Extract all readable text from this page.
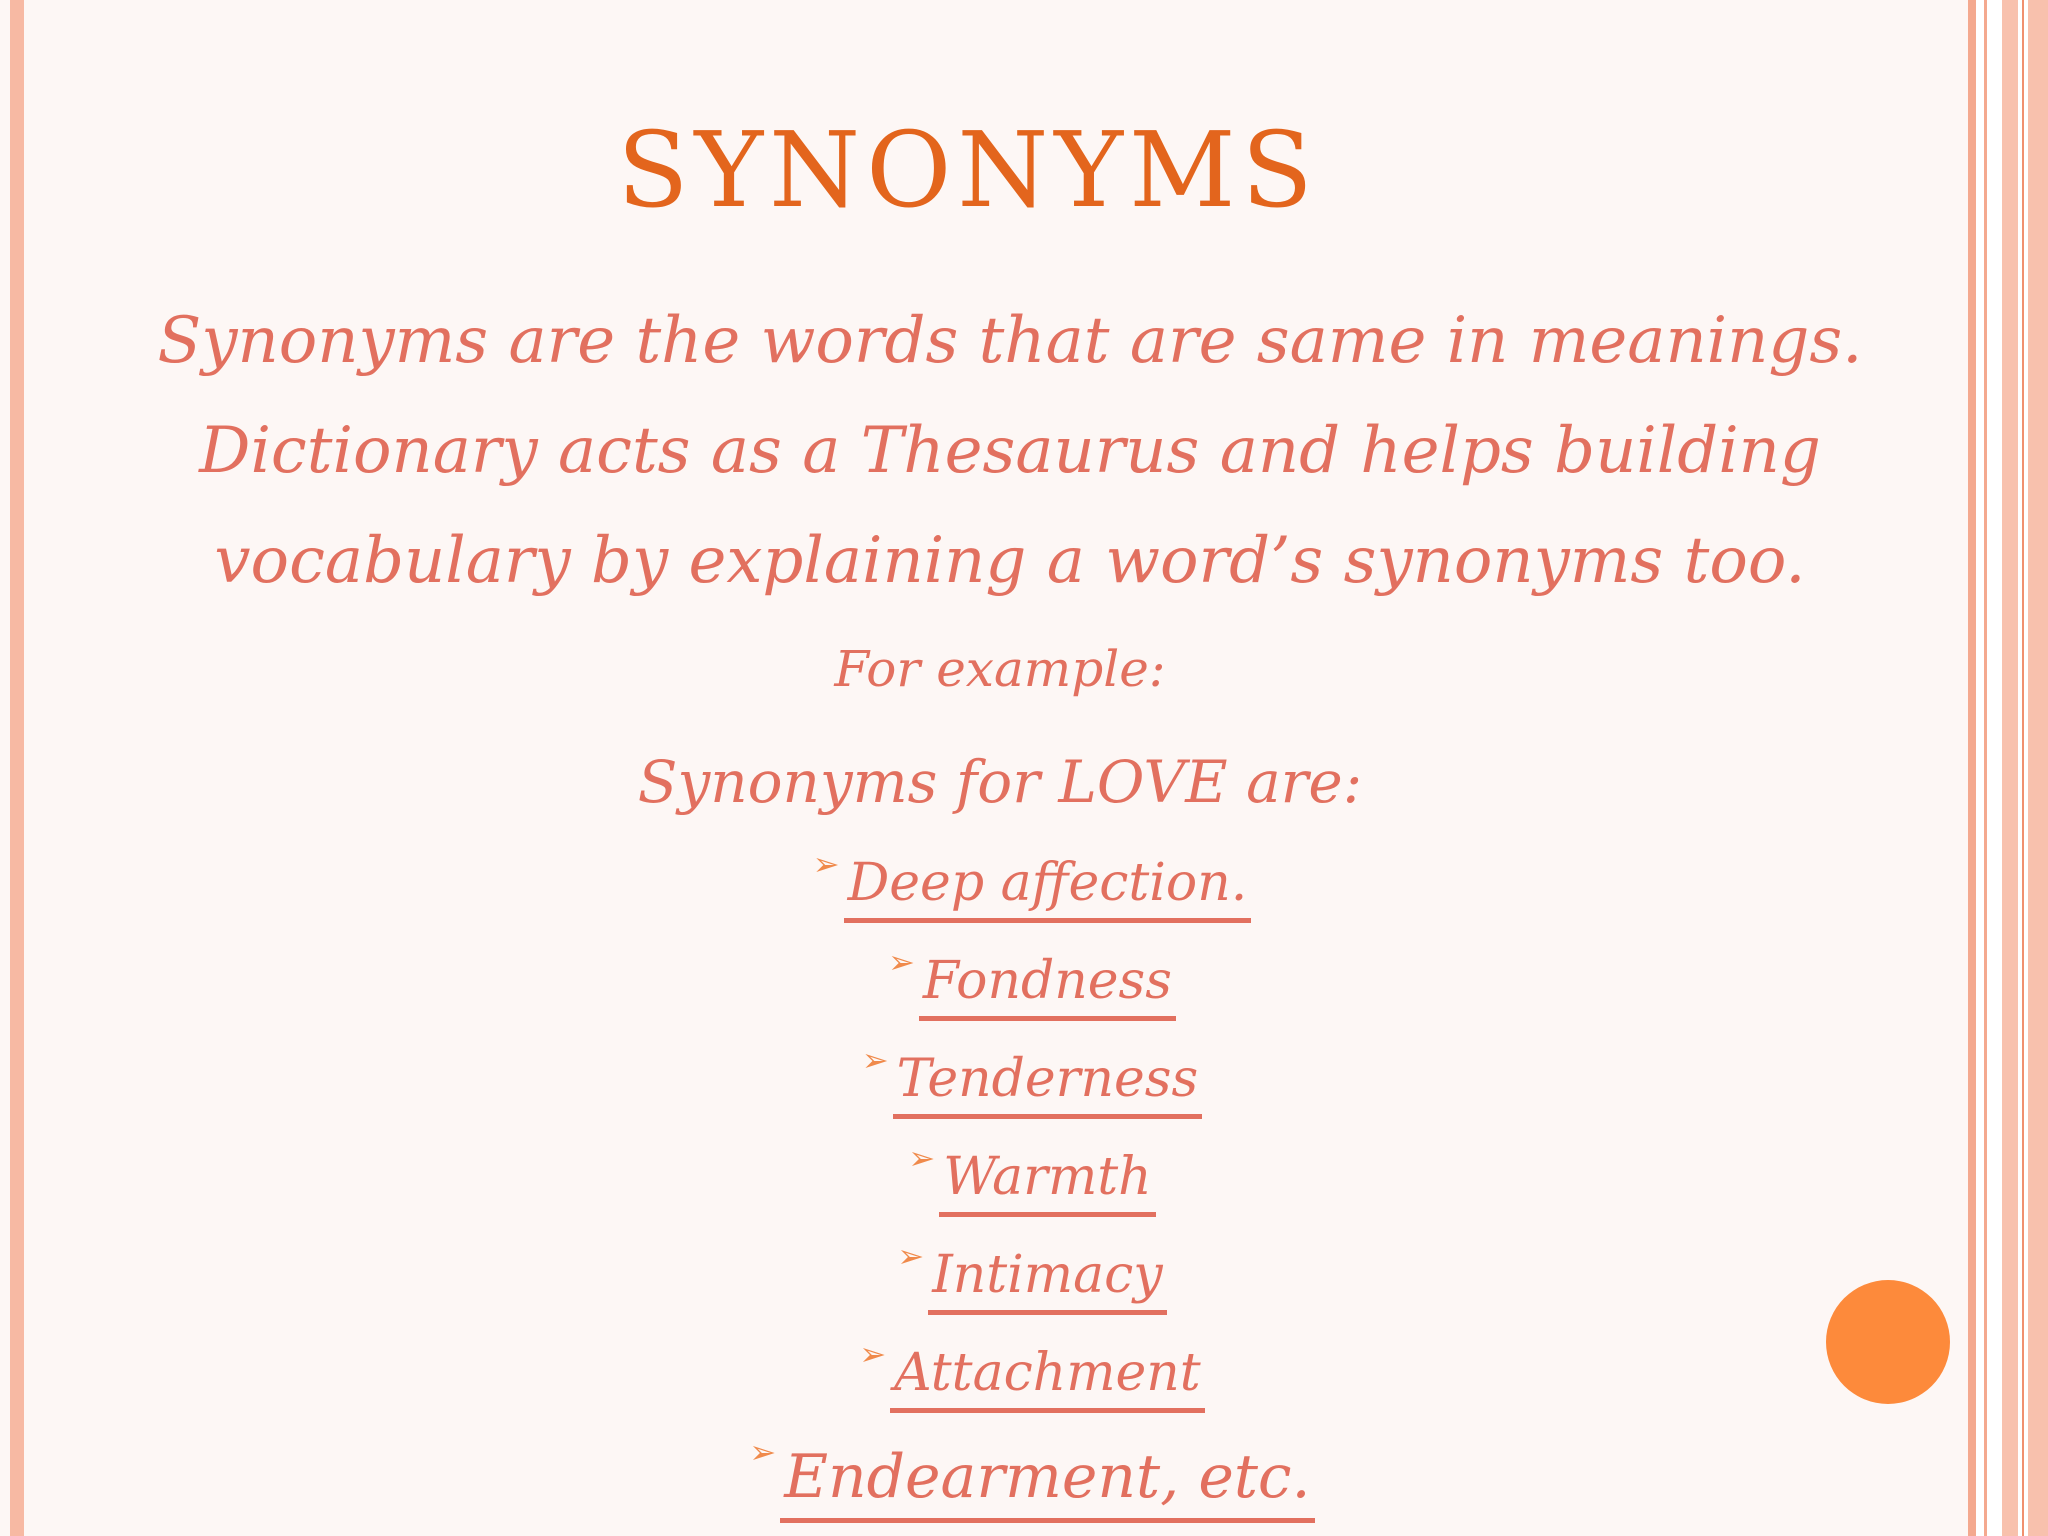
SYNONYMS
Synonyms are the words that are same in meanings.
Dictionary acts as a Thesaurus and helps building
vocabulary by explaining a word’s synonyms too.
For example:
Synonyms for LOVE are:
➢ Deep affection.
➢ Fondness
➢ Tenderness
➢ Warmth
➢ Intimacy
➢ Attachment
➢ Endearment, etc.
